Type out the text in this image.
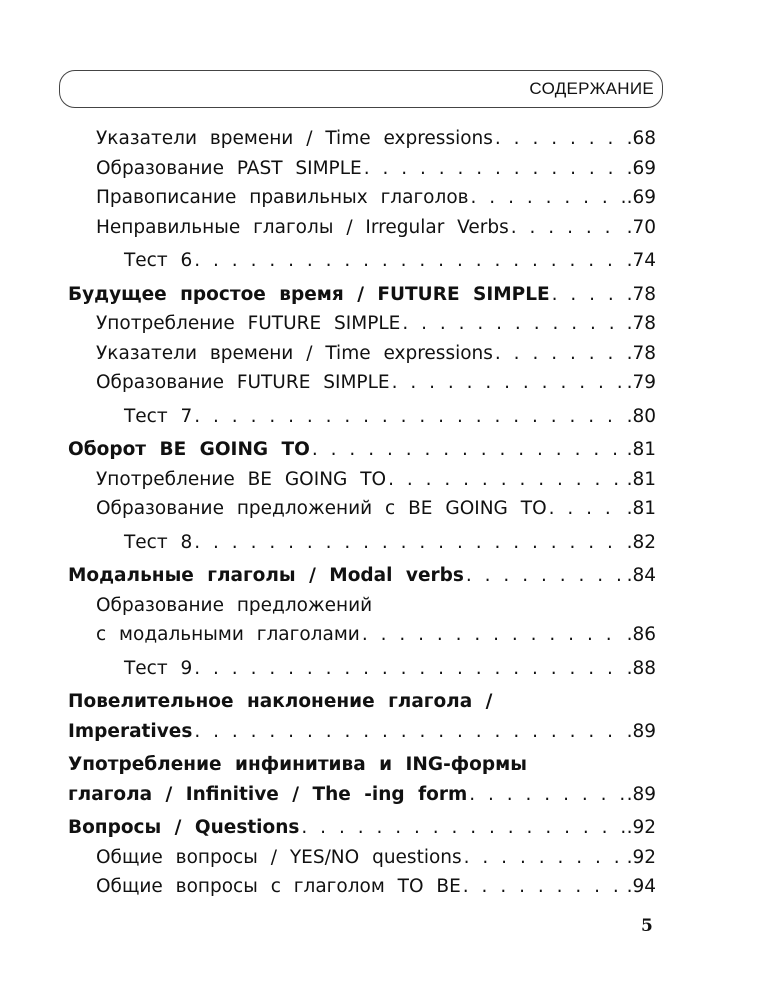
СОДЕРЖАНИЕ
Указатели времени / Time expressions . . .	.68
Образование PAST SIMPLE . . .	.69
Правописание правильных глаголов . . .	.69
Неправильные глаголы / Irregular Verbs . . .	.70
Тест 6 . . .	.74
Будущее простое время / FUTURE SIMPLE . . .	.78
Употребление FUTURE SIMPLE . . .	.78
Указатели времени / Time expressions . . .	.78
Образование FUTURE SIMPLE . . .	.79
Тест 7 . . .	.80
Оборот BE GOING TO . . .	.81
Употребление BE GOING TO . . .	.81
Образование предложений с BE GOING TO . . .	.81
Тест 8 . . .	.82
Модальные глаголы / Modal verbs . . .	.84
Образование предложений
с модальными глаголами . . .	.86
Тест 9 . . .	.88
Повелительное наклонение глагола /
Imperatives . . .	.89
Употребление инфинитива и ING-формы
глагола / Infinitive / The -ing form . . .	.89
Вопросы / Questions . . .	.92
Общие вопросы / YES/NO questions . . .	.92
Общие вопросы с глаголом TO BE . . .	.94
5
